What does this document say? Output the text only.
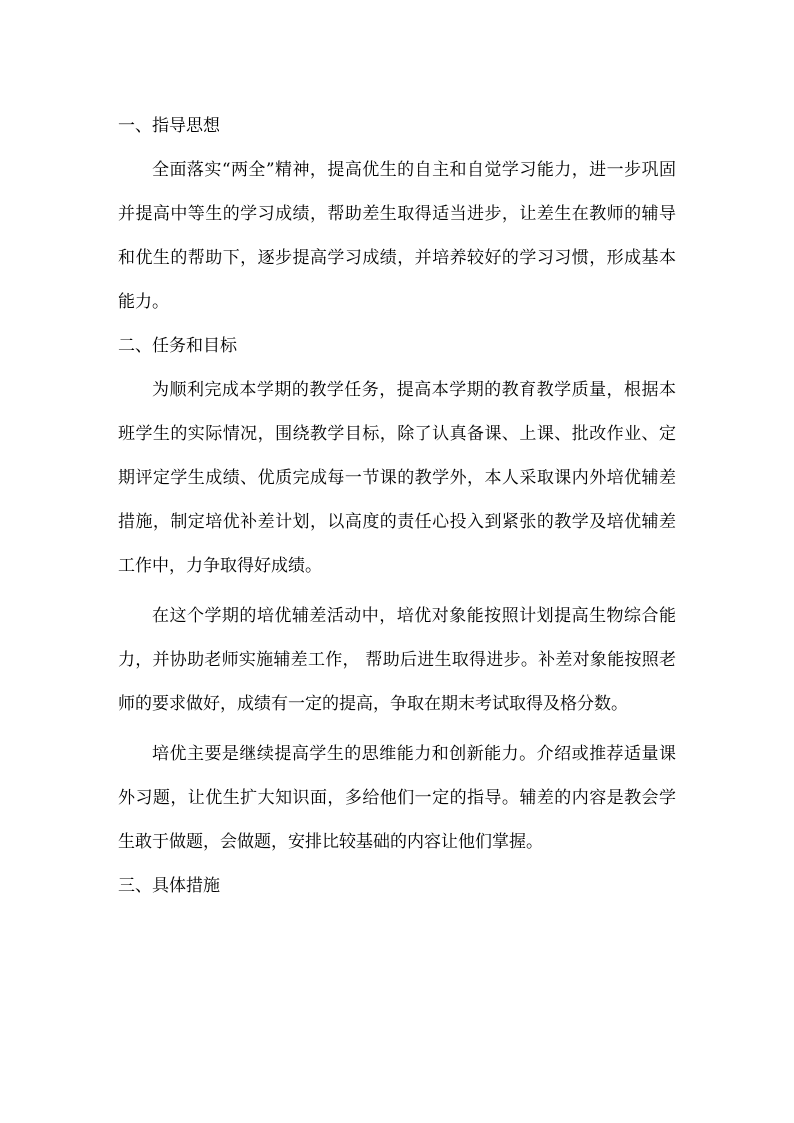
一、指导思想

全面落实“两全”精神，提高优生的自主和自觉学习能力，进一步巩固并提高中等生的学习成绩，帮助差生取得适当进步，让差生在教师的辅导和优生的帮助下，逐步提高学习成绩，并培养较好的学习习惯，形成基本能力。

二、任务和目标

为顺利完成本学期的教学任务，提高本学期的教育教学质量，根据本班学生的实际情况，围绕教学目标，除了认真备课、上课、批改作业、定期评定学生成绩、优质完成每一节课的教学外，本人采取课内外培优辅差措施，制定培优补差计划，以高度的责任心投入到紧张的教学及培优辅差工作中，力争取得好成绩。

在这个学期的培优辅差活动中，培优对象能按照计划提高生物综合能力，并协助老师实施辅差工作， 帮助后进生取得进步。补差对象能按照老师的要求做好，成绩有一定的提高，争取在期末考试取得及格分数。

培优主要是继续提高学生的思维能力和创新能力。介绍或推荐适量课外习题，让优生扩大知识面，多给他们一定的指导。辅差的内容是教会学生敢于做题，会做题，安排比较基础的内容让他们掌握。

三、具体措施
